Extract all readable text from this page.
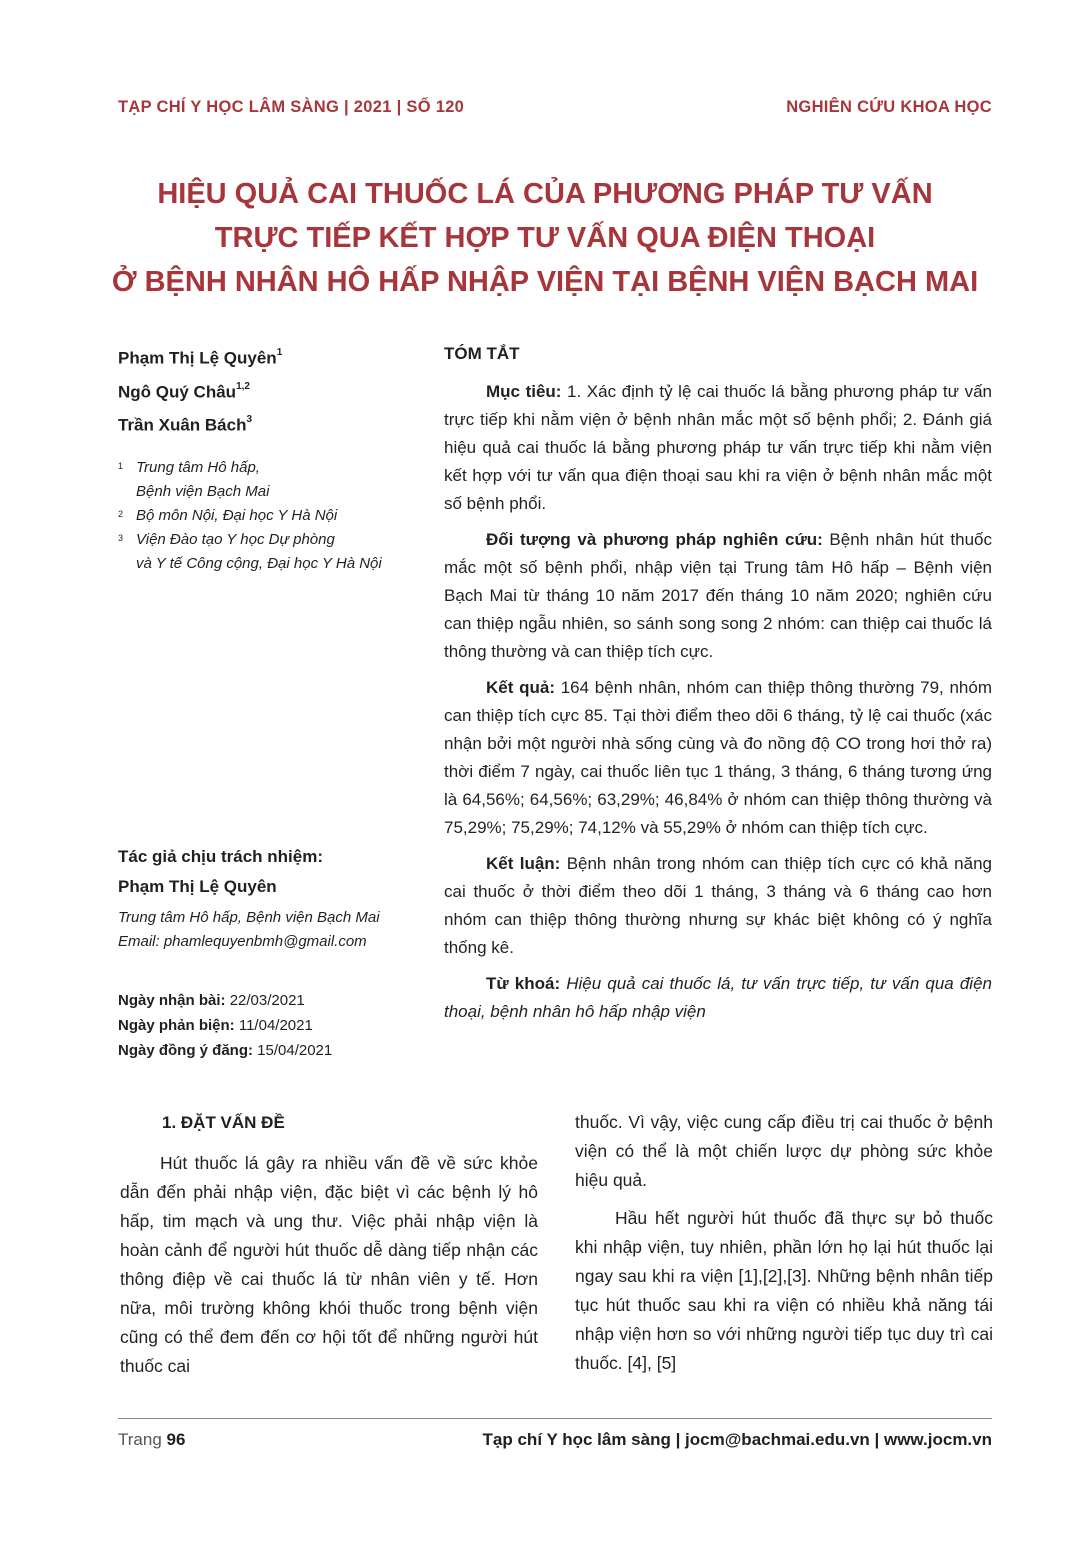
TẠP CHÍ Y HỌC LÂM SÀNG | 2021 | SỐ 120	NGHIÊN CỨU KHOA HỌC
HIỆU QUẢ CAI THUỐC LÁ CỦA PHƯƠNG PHÁP TƯ VẤN
TRỰC TIẾP KẾT HỢP TƯ VẤN QUA ĐIỆN THOẠI
Ở BỆNH NHÂN HÔ HẤP NHẬP VIỆN TẠI BỆNH VIỆN BẠCH MAI
Phạm Thị Lệ Quyên$^1$
Ngô Quý Châu$^{1,2}$
Trần Xuân Bách$^3$
1 Trung tâm Hô hấp,
Bệnh viện Bạch Mai
2 Bộ môn Nội, Đại học Y Hà Nội
3 Viện Đào tạo Y học Dự phòng
và Y tế Công cộng, Đại học Y Hà Nội
Tác giả chịu trách nhiệm:
Phạm Thị Lệ Quyên
Trung tâm Hô hấp, Bệnh viện Bạch Mai
Email: phamlequyenbmh@gmail.com
Ngày nhận bài: 22/03/2021
Ngày phản biện: 11/04/2021
Ngày đồng ý đăng: 15/04/2021
TÓM TẮT

Mục tiêu: 1. Xác định tỷ lệ cai thuốc lá bằng phương pháp tư vấn trực tiếp khi nằm viện ở bệnh nhân mắc một số bệnh phổi; 2. Đánh giá hiệu quả cai thuốc lá bằng phương pháp tư vấn trực tiếp khi nằm viện kết hợp với tư vấn qua điện thoại sau khi ra viện ở bệnh nhân mắc một số bệnh phổi.

Đối tượng và phương pháp nghiên cứu: Bệnh nhân hút thuốc mắc một số bệnh phổi, nhập viện tại Trung tâm Hô hấp – Bệnh viện Bạch Mai từ tháng 10 năm 2017 đến tháng 10 năm 2020; nghiên cứu can thiệp ngẫu nhiên, so sánh song song 2 nhóm: can thiệp cai thuốc lá thông thường và can thiệp tích cực.

Kết quả: 164 bệnh nhân, nhóm can thiệp thông thường 79, nhóm can thiệp tích cực 85. Tại thời điểm theo dõi 6 tháng, tỷ lệ cai thuốc (xác nhận bởi một người nhà sống cùng và đo nồng độ CO trong hơi thở ra) thời điểm 7 ngày, cai thuốc liên tục 1 tháng, 3 tháng, 6 tháng tương ứng là 64,56%; 64,56%; 63,29%; 46,84% ở nhóm can thiệp thông thường và 75,29%; 75,29%; 74,12% và 55,29% ở nhóm can thiệp tích cực.

Kết luận: Bệnh nhân trong nhóm can thiệp tích cực có khả năng cai thuốc ở thời điểm theo dõi 1 tháng, 3 tháng và 6 tháng cao hơn nhóm can thiệp thông thường nhưng sự khác biệt không có ý nghĩa thống kê.

Từ khoá: Hiệu quả cai thuốc lá, tư vấn trực tiếp, tư vấn qua điện thoại, bệnh nhân hô hấp nhập viện

1. ĐẶT VẤN ĐỀ

Hút thuốc lá gây ra nhiều vấn đề về sức khỏe dẫn đến phải nhập viện, đặc biệt vì các bệnh lý hô hấp, tim mạch và ung thư. Việc phải nhập viện là hoàn cảnh để người hút thuốc dễ dàng tiếp nhận các thông điệp về cai thuốc lá từ nhân viên y tế. Hơn nữa, môi trường không khói thuốc trong bệnh viện cũng có thể đem đến cơ hội tốt để những người hút thuốc cai

thuốc. Vì vậy, việc cung cấp điều trị cai thuốc ở bệnh viện có thể là một chiến lược dự phòng sức khỏe hiệu quả.

Hầu hết người hút thuốc đã thực sự bỏ thuốc khi nhập viện, tuy nhiên, phần lớn họ lại hút thuốc lại ngay sau khi ra viện [1],[2],[3]. Những bệnh nhân tiếp tục hút thuốc sau khi ra viện có nhiều khả năng tái nhập viện hơn so với những người tiếp tục duy trì cai thuốc. [4], [5]

Trang 96	Tạp chí Y học lâm sàng | jocm@bachmai.edu.vn | www.jocm.vn
